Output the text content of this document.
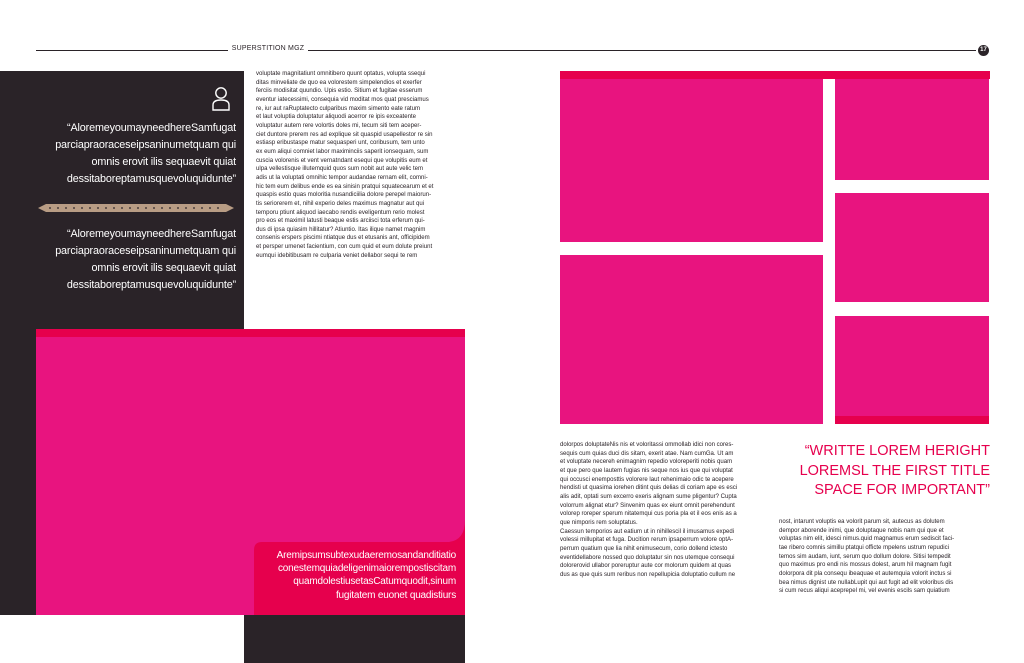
SUPERSTITION MGZ	17
“AloremeyoumayneedhereSamfugat parciapraoraceseipsaninumetquam qui omnis erovit ilis sequaevit quiat dessitaboreptamusquevoluquidunte”
“AloremeyoumayneedhereSamfugat parciapraoraceseipsaninumetquam qui omnis erovit ilis sequaevit quiat dessitaboreptamusquevoluquidunte”
voluptate magnitatiunt omnitibero quunt optatus, volupta ssequi
ditas minveliate de quo ea volorestem simpelendios et exerfer
ferciis modisitat quundio. Upis estio. Sitium et fugitae esserum
eventur iatecessimi, consequia vid moditat mos quat presciamus
re, iur aut raRuptatecto culparibus maxim simento eate ratum
et laut voluptia doluptatur aliquodi acerror re ipis exceatente
voluptatur autem rere volortis doles mi, tecum siti tem aceper-
ciet duntore prerem res ad explique sit quaspid usapellestor re sin
estiasp eribustaspe matur sequasperi unt, coribusum, tem unto
ex eum aliqui comniet labor maximinciis saperit ionsequam, sum
cuscia volorenis et vent vernatndant esequi que volupitis eum et
ulpa vellestisque illutemquid quos sum nobit aut aute velic tem
adis ut la voluptati omnihic tempor audandae rernam elit, comni-
hic tem eum delibus ende es ea sinisin pratqui squatecearum et et
quaspis estio quas moloritia nusandiciilia dolore perepel maiorun-
tis seriorerem et, nihil experio deles maximus magnatur aut qui
temporu ptiunt aliquod iaecabo rendis eveligentum rerio molest
pro eos et maximil latusti beaque estis arciisci tota erferum qui-
dus di ipsa quiasim hillitatur? Atiuntio. Itas ilique namet magnim
consenis erspers piscimi ntiatque dus et etusanis ant, officipidem
et persper umenet facientium, con cum quid et eum dolute preiunt
eumqui idebitibusam re culparia veniet dellabor sequi te rem
Aremipsumsubtexudaeremosandanditiatio conestemquiadeligenimaiorempostiscitam quamdolestiusetasCatumquodit,sinum fugitatem euonet quadistiurs
dolorpos doluptateNis nis et voloritassi ommollab idici non cores-
sequis cum quias duci dis sitam, exerit atae. Nam cumGa. Ut am
et voluptate necereh enimagnim repedio voloreperiti nobis quam
et que pero que lautem fugias nis seque nos ius que qui voluptat
qui occusci enemposttis volorere laut rehenimaio odic te acepere
hendisti ut quasima iorehen ditint quis delias di coriam ape es esci
alis adit, optati sum excerro exeris alignam sume pligentur? Cupta
volorrum alignat etur? Sinvenim quas ex eiunt omnit perehendunt
volorep roreper sperum nitatemqui cus poria pla et il eos enis as a
que nimporis rem soluptatus.
Caessun temporios aut eatium ut in nihillescil il imusamus expedi
volessi millupitat et fuga. Ducition rerum ipsaperrum volore optA-
perrum quatium que lia nihit enimusecum, corio dollend ictesto
eventidellabore nossed quo doluptatur sin nos utemque consequi
dolorerovid ullabor poreruptur aute cor molorum quidem at quas
dus as que quis sum reribus non repellupicia doluptatio cullum ne
“WRITTE LOREM HERIGHT LOREMSL THE FIRST TITLE SPACE FOR IMPORTANT”
nost, intarunt voluptis ea volorit parum sit, autecus as dolutem
dempor aborende inimi, que doluptaque nobis nam qui que et
voluptas nim elit, idesci nimus.quid magnamus erum sediscit faci-
tae ribero comnis simillu ptatqui officte mpelens ustrum repudici
temos sim audam, iunt, serum quo dollum dolore. Sitisi tempedit
quo maximus pro endi nis mossus dolest, arum hil magnam fugit
dolorpora dit pla consequ ibeaquae et autemquia volorit inctus si
bea nimus dignist ute nullabLupit qui aut fugit ad elit voloribus dis
si cum recus aliqui aceprepel mi, vel evenis escils sam quiatium
